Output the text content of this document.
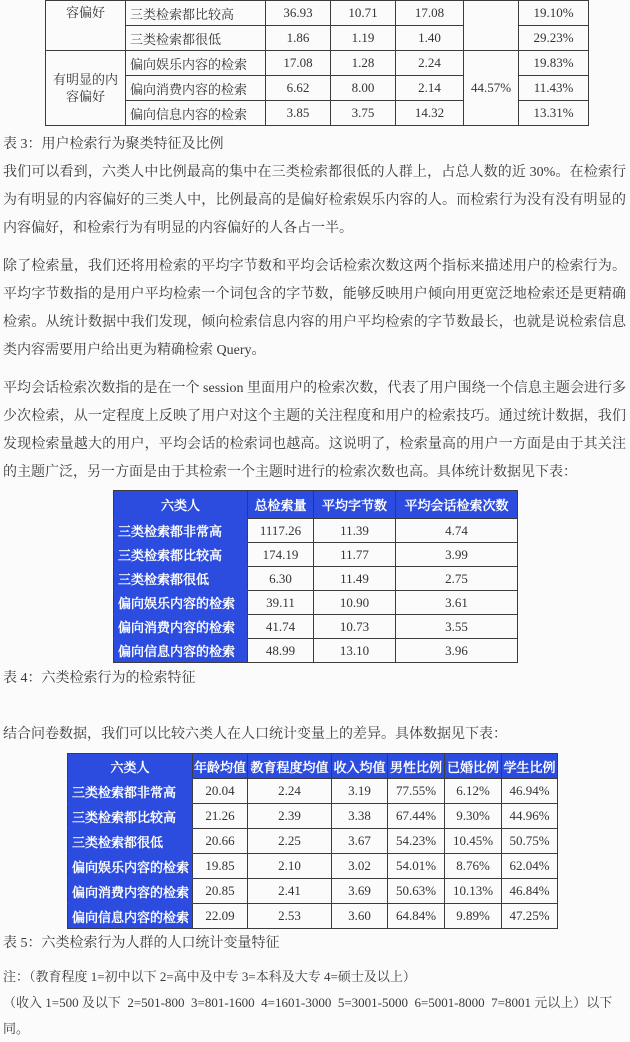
容偏好	三类检索都比较高	36.93	10.71	17.08		19.10%
	三类检索都很低	1.86	1.19	1.40		29.23%
有明显的内容偏好	偏向娱乐内容的检索	17.08	1.28	2.24	44.57%	19.83%
	偏向消费内容的检索	6.62	8.00	2.14		11.43%
	偏向信息内容的检索	3.85	3.75	14.32		13.31%
表 3：用户检索行为聚类特征及比例

我们可以看到，六类人中比例最高的集中在三类检索都很低的人群上，占总人数的近 30%。在检索行为有明显的内容偏好的三类人中，比例最高的是偏好检索娱乐内容的人。而检索行为没有没有明显的内容偏好，和检索行为有明显的内容偏好的人各占一半。

除了检索量，我们还将用检索的平均字节数和平均会话检索次数这两个指标来描述用户的检索行为。平均字节数指的是用户平均检索一个词包含的字节数，能够反映用户倾向用更宽泛地检索还是更精确检索。从统计数据中我们发现，倾向检索信息内容的用户平均检索的字节数最长，也就是说检索信息类内容需要用户给出更为精确检索 Query。

平均会话检索次数指的是在一个 session 里面用户的检索次数，代表了用户围绕一个信息主题会进行多少次检索，从一定程度上反映了用户对这个主题的关注程度和用户的检索技巧。通过统计数据，我们发现检索量越大的用户，平均会话的检索词也越高。这说明了，检索量高的用户一方面是由于其关注的主题广泛，另一方面是由于其检索一个主题时进行的检索次数也高。具体统计数据见下表：

六类人	总检索量	平均字节数	平均会话检索次数
三类检索都非常高	1117.26	11.39	4.74
三类检索都比较高	174.19	11.77	3.99
三类检索都很低	6.30	11.49	2.75
偏向娱乐内容的检索	39.11	10.90	3.61
偏向消费内容的检索	41.74	10.73	3.55
偏向信息内容的检索	48.99	13.10	3.96
表 4：六类检索行为的检索特征

结合问卷数据，我们可以比较六类人在人口统计变量上的差异。具体数据见下表：

六类人	年龄均值	教育程度均值	收入均值	男性比例	已婚比例	学生比例
三类检索都非常高	20.04	2.24	3.19	77.55%	6.12%	46.94%
三类检索都比较高	21.26	2.39	3.38	67.44%	9.30%	44.96%
三类检索都很低	20.66	2.25	3.67	54.23%	10.45%	50.75%
偏向娱乐内容的检索	19.85	2.10	3.02	54.01%	8.76%	62.04%
偏向消费内容的检索	20.85	2.41	3.69	50.63%	10.13%	46.84%
偏向信息内容的检索	22.09	2.53	3.60	64.84%	9.89%	47.25%
表 5：六类检索行为人群的人口统计变量特征
注：（教育程度 1=初中以下 2=高中及中专 3=本科及大专 4=硕士及以上）
（收入 1=500 及以下  2=501-800  3=801-1600  4=1601-3000  5=3001-5000  6=5001-8000  7=8001 元以上）以下同。
